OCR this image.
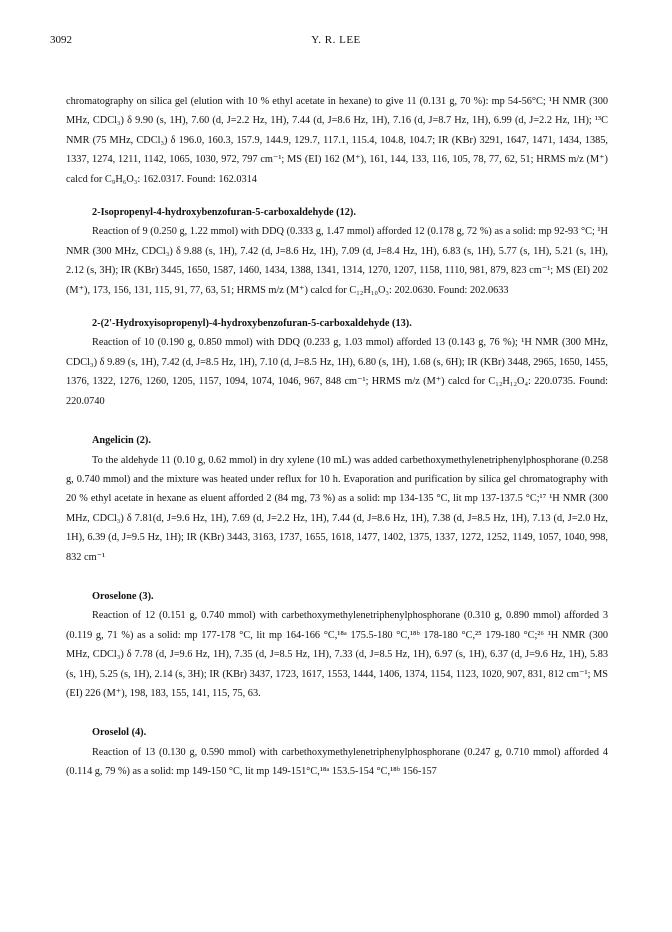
3092	Y. R. LEE

chromatography on silica gel (elution with 10 % ethyl acetate in hexane) to give 11 (0.131 g, 70 %): mp 54-56°C; ¹H NMR (300 MHz, CDCl₃) δ 9.90 (s, 1H), 7.60 (d, J=2.2 Hz, 1H), 7.44 (d, J=8.6 Hz, 1H), 7.16 (d, J=8.7 Hz, 1H), 6.99 (d, J=2.2 Hz, 1H); ¹³C NMR (75 MHz, CDCl₃) δ 196.0, 160.3, 157.9, 144.9, 129.7, 117.1, 115.4, 104.8, 104.7; IR (KBr) 3291, 1647, 1471, 1434, 1385, 1337, 1274, 1211, 1142, 1065, 1030, 972, 797 cm⁻¹; MS (EI) 162 (M⁺), 161, 144, 133, 116, 105, 78, 77, 62, 51; HRMS m/z (M⁺) calcd for C₉H₆O₃: 162.0317. Found: 162.0314

2-Isopropenyl-4-hydroxybenzofuran-5-carboxaldehyde (12).

Reaction of 9 (0.250 g, 1.22 mmol) with DDQ (0.333 g, 1.47 mmol) afforded 12 (0.178 g, 72 %) as a solid: mp 92-93 °C; ¹H NMR (300 MHz, CDCl₃) δ 9.88 (s, 1H), 7.42 (d, J=8.6 Hz, 1H), 7.09 (d, J=8.4 Hz, 1H), 6.83 (s, 1H), 5.77 (s, 1H), 5.21 (s, 1H), 2.12 (s, 3H); IR (KBr) 3445, 1650, 1587, 1460, 1434, 1388, 1341, 1314, 1270, 1207, 1158, 1110, 981, 879, 823 cm⁻¹; MS (EI) 202 (M⁺), 173, 156, 131, 115, 91, 77, 63, 51; HRMS m/z (M⁺) calcd for C₁₂H₁₀O₃: 202.0630. Found: 202.0633

2-(2'-Hydroxyisopropenyl)-4-hydroxybenzofuran-5-carboxaldehyde (13).

Reaction of 10 (0.190 g, 0.850 mmol) with DDQ (0.233 g, 1.03 mmol) afforded 13 (0.143 g, 76 %); ¹H NMR (300 MHz, CDCl₃) δ 9.89 (s, 1H), 7.42 (d, J=8.5 Hz, 1H), 7.10 (d, J=8.5 Hz, 1H), 6.80 (s, 1H), 1.68 (s, 6H); IR (KBr) 3448, 2965, 1650, 1455, 1376, 1322, 1276, 1260, 1205, 1157, 1094, 1074, 1046, 967, 848 cm⁻¹; HRMS m/z (M⁺) calcd for C₁₂H₁₂O₄: 220.0735. Found: 220.0740

Angelicin (2).

To the aldehyde 11 (0.10 g, 0.62 mmol) in dry xylene (10 mL) was added carbethoxymethylenetriphenylphosphorane (0.258 g, 0.740 mmol) and the mixture was heated under reflux for 10 h. Evaporation and purification by silica gel chromatography with 20 % ethyl acetate in hexane as eluent afforded 2 (84 mg, 73 %) as a solid: mp 134-135 °C, lit mp 137-137.5 °C;¹⁷ ¹H NMR (300 MHz, CDCl₃) δ 7.81(d, J=9.6 Hz, 1H), 7.69 (d, J=2.2 Hz, 1H), 7.44 (d, J=8.6 Hz, 1H), 7.38 (d, J=8.5 Hz, 1H), 7.13 (d, J=2.0 Hz, 1H), 6.39 (d, J=9.5 Hz, 1H); IR (KBr) 3443, 3163, 1737, 1655, 1618, 1477, 1402, 1375, 1337, 1272, 1252, 1149, 1057, 1040, 998, 832 cm⁻¹

Oroselone (3).

Reaction of 12 (0.151 g, 0.740 mmol) with carbethoxymethylenetriphenylphosphorane (0.310 g, 0.890 mmol) afforded 3 (0.119 g, 71 %) as a solid: mp 177-178 °C, lit mp 164-166 °C,¹⁸ᵃ 175.5-180 °C,¹⁸ᵇ 178-180 °C,²⁵ 179-180 °C;²⁶ ¹H NMR (300 MHz, CDCl₃) δ 7.78 (d, J=9.6 Hz, 1H), 7.35 (d, J=8.5 Hz, 1H), 7.33 (d, J=8.5 Hz, 1H), 6.97 (s, 1H), 6.37 (d, J=9.6 Hz, 1H), 5.83 (s, 1H), 5.25 (s, 1H), 2.14 (s, 3H); IR (KBr) 3437, 1723, 1617, 1553, 1444, 1406, 1374, 1154, 1123, 1020, 907, 831, 812 cm⁻¹; MS (EI) 226 (M⁺), 198, 183, 155, 141, 115, 75, 63.

Oroselol (4).

Reaction of 13 (0.130 g, 0.590 mmol) with carbethoxymethylenetriphenylphosphorane (0.247 g, 0.710 mmol) afforded 4 (0.114 g, 79 %) as a solid: mp 149-150 °C, lit mp 149-151°C,¹⁸ᵃ 153.5-154 °C,¹⁸ᵇ 156-157
